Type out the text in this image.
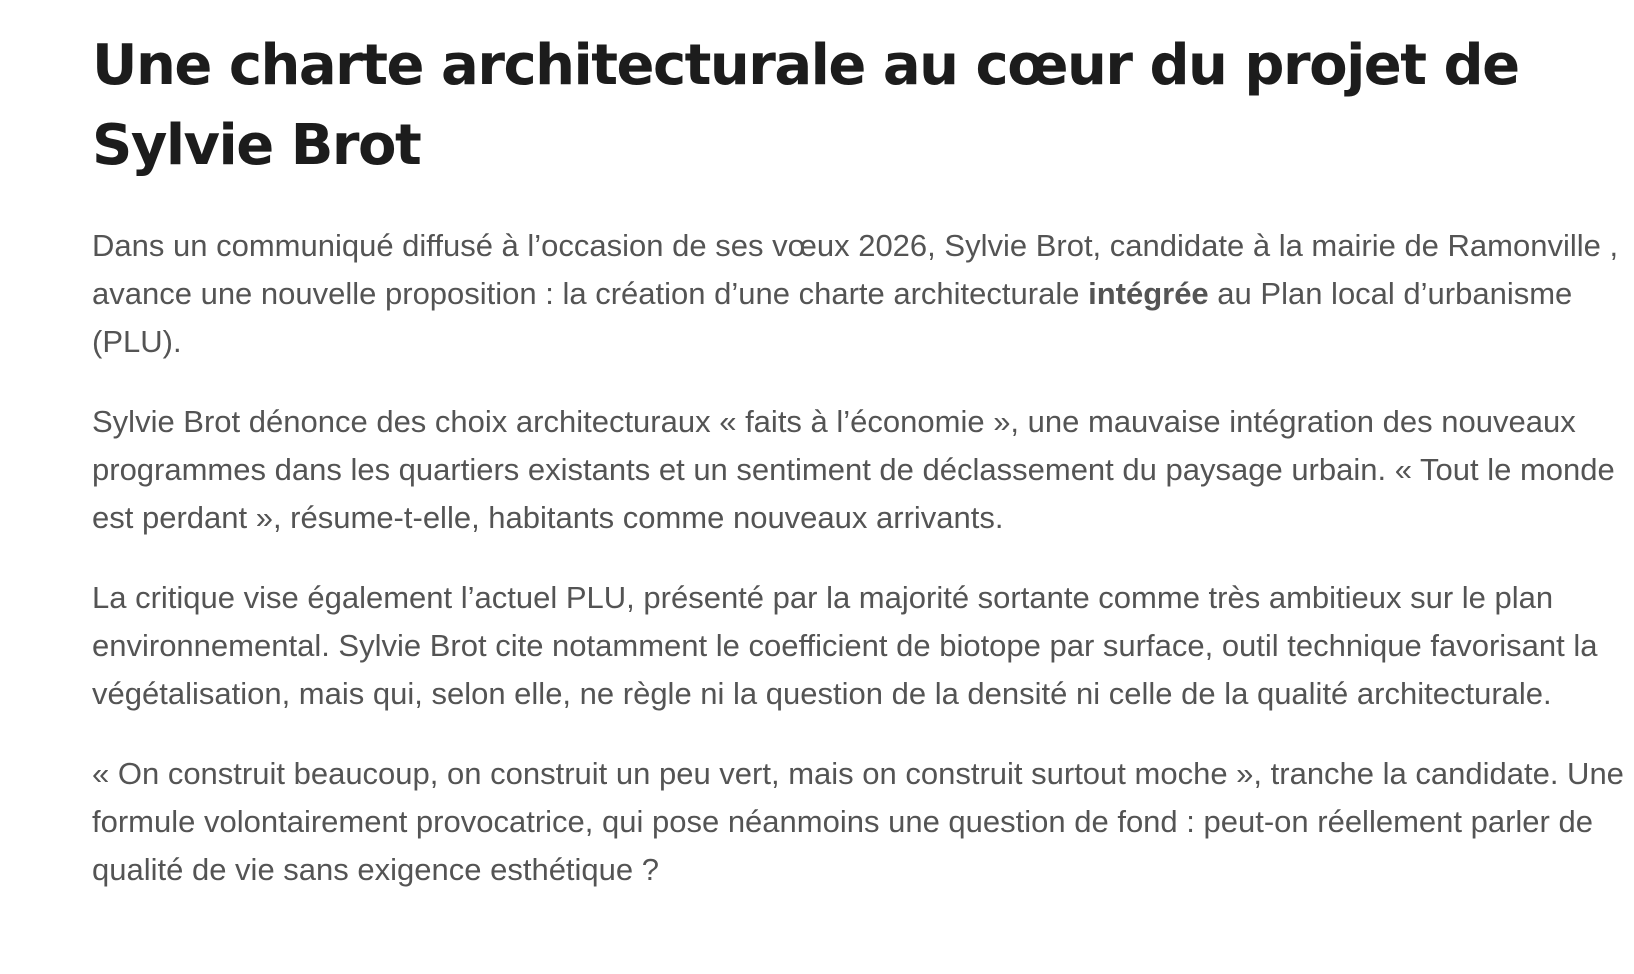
Une charte architecturale au cœur du projet de Sylvie Brot

Dans un communiqué diffusé à l’occasion de ses vœux 2026, Sylvie Brot, candidate à la mairie de Ramonville , avance une nouvelle proposition : la création d’une charte architecturale intégrée au Plan local d’urbanisme (PLU).

Sylvie Brot dénonce des choix architecturaux « faits à l’économie », une mauvaise intégration des nouveaux programmes dans les quartiers existants et un sentiment de déclassement du paysage urbain. « Tout le monde est perdant », résume-t-elle, habitants comme nouveaux arrivants.

La critique vise également l’actuel PLU, présenté par la majorité sortante comme très ambitieux sur le plan environnemental. Sylvie Brot cite notamment le coefficient de biotope par surface, outil technique favorisant la végétalisation, mais qui, selon elle, ne règle ni la question de la densité ni celle de la qualité architecturale.

« On construit beaucoup, on construit un peu vert, mais on construit surtout moche », tranche la candidate. Une formule volontairement provocatrice, qui pose néanmoins une question de fond : peut-on réellement parler de qualité de vie sans exigence esthétique ?
